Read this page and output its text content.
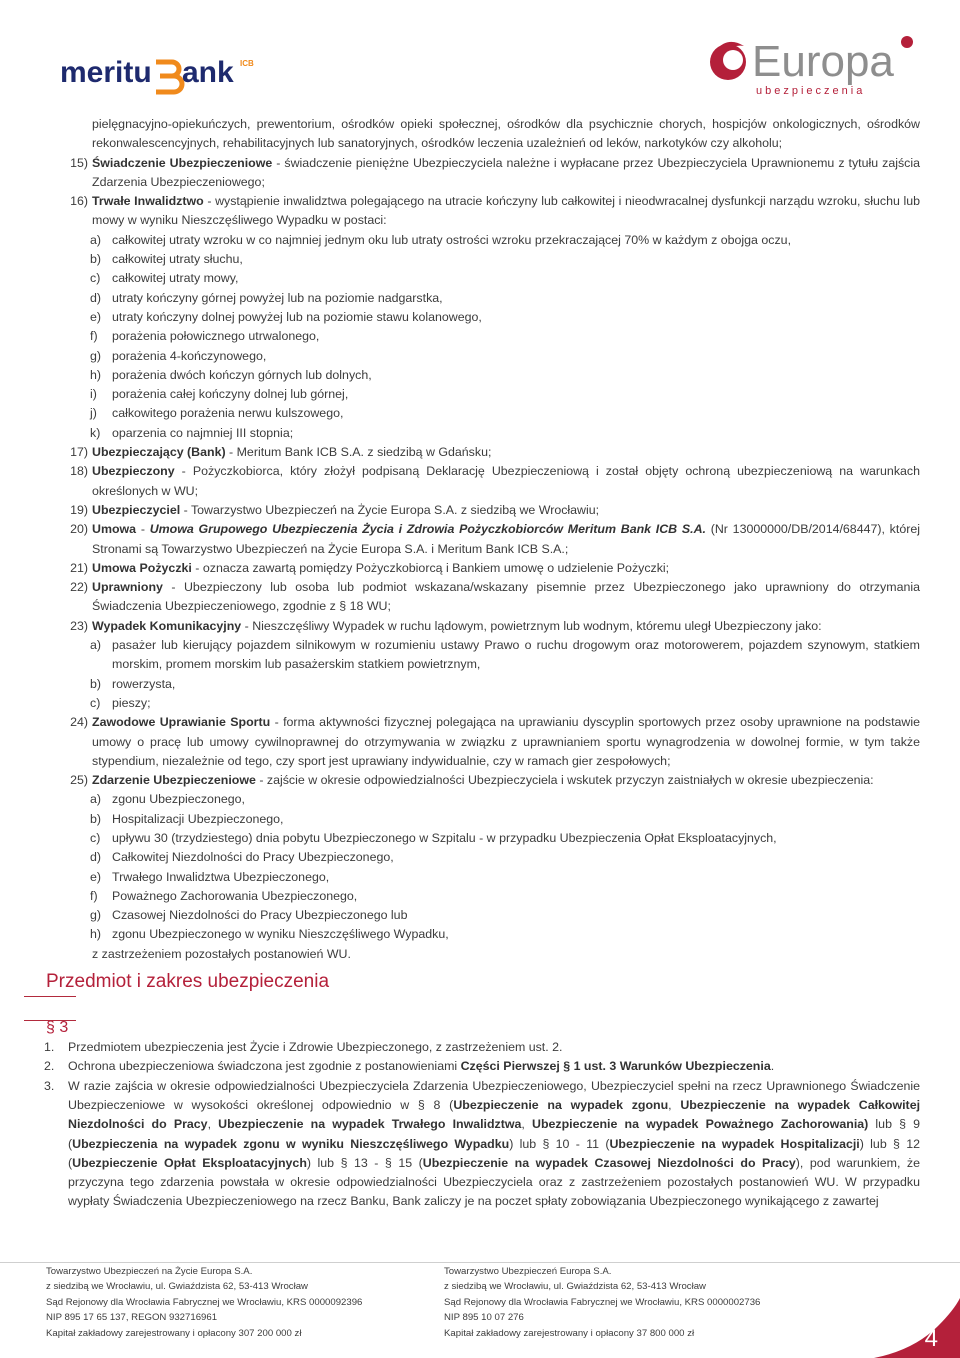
meritu ank ICB	Europa
ubezpieczenia
pielęgnacyjno-opiekuńczych, prewentorium, ośrodków opieki społecznej, ośrodków dla psychicznie chorych, hospicjów onkologicznych, ośrodków rekonwalescencyjnych, rehabilitacyjnych lub sanatoryjnych, ośrodków leczenia uzależnień od leków, narkotyków czy alkoholu;
15) Świadczenie Ubezpieczeniowe - świadczenie pieniężne Ubezpieczyciela należne i wypłacane przez Ubezpieczyciela Uprawnionemu z tytułu zajścia Zdarzenia Ubezpieczeniowego;
16) Trwałe Inwalidztwo - wystąpienie inwalidztwa polegającego na utracie kończyny lub całkowitej i nieodwracalnej dysfunkcji narządu wzroku, słuchu lub mowy w wyniku Nieszczęśliwego Wypadku w postaci:
a) całkowitej utraty wzroku w co najmniej jednym oku lub utraty ostrości wzroku przekraczającej 70% w każdym z obojga oczu,
b) całkowitej utraty słuchu,
c) całkowitej utraty mowy,
d) utraty kończyny górnej powyżej lub na poziomie nadgarstka,
e) utraty kończyny dolnej powyżej lub na poziomie stawu kolanowego,
f) porażenia połowicznego utrwalonego,
g) porażenia 4-kończynowego,
h) porażenia dwóch kończyn górnych lub dolnych,
i) porażenia całej kończyny dolnej lub górnej,
j) całkowitego porażenia nerwu kulszowego,
k) oparzenia co najmniej III stopnia;
17) Ubezpieczający (Bank) - Meritum Bank ICB S.A. z siedzibą w Gdańsku;
18) Ubezpieczony - Pożyczkobiorca, który złożył podpisaną Deklarację Ubezpieczeniową i został objęty ochroną ubezpieczeniową na warunkach określonych w WU;
19) Ubezpieczyciel - Towarzystwo Ubezpieczeń na Życie Europa S.A. z siedzibą we Wrocławiu;
20) Umowa - Umowa Grupowego Ubezpieczenia Życia i Zdrowia Pożyczkobiorców Meritum Bank ICB S.A. (Nr 13000000/DB/2014/68447), której Stronami są Towarzystwo Ubezpieczeń na Życie Europa S.A. i Meritum Bank ICB S.A.;
21) Umowa Pożyczki - oznacza zawartą pomiędzy Pożyczkobiorcą i Bankiem umowę o udzielenie Pożyczki;
22) Uprawniony - Ubezpieczony lub osoba lub podmiot wskazana/wskazany pisemnie przez Ubezpieczonego jako uprawniony do otrzymania Świadczenia Ubezpieczeniowego, zgodnie z § 18 WU;
23) Wypadek Komunikacyjny - Nieszczęśliwy Wypadek w ruchu lądowym, powietrznym lub wodnym, któremu uległ Ubezpieczony jako:
a) pasażer lub kierujący pojazdem silnikowym w rozumieniu ustawy Prawo o ruchu drogowym oraz motorowerem, pojazdem szynowym, statkiem morskim, promem morskim lub pasażerskim statkiem powietrznym,
b) rowerzysta,
c) pieszy;
24) Zawodowe Uprawianie Sportu - forma aktywności fizycznej polegająca na uprawianiu dyscyplin sportowych przez osoby uprawnione na podstawie umowy o pracę lub umowy cywilnoprawnej do otrzymywania w związku z uprawnianiem sportu wynagrodzenia w dowolnej formie, w tym także stypendium, niezależnie od tego, czy sport jest uprawiany indywidualnie, czy w ramach gier zespołowych;
25) Zdarzenie Ubezpieczeniowe - zajście w okresie odpowiedzialności Ubezpieczyciela i wskutek przyczyn zaistniałych w okresie ubezpieczenia:
a) zgonu Ubezpieczonego,
b) Hospitalizacji Ubezpieczonego,
c) upływu 30 (trzydziestego) dnia pobytu Ubezpieczonego w Szpitalu - w przypadku Ubezpieczenia Opłat Eksploatacyjnych,
d) Całkowitej Niezdolności do Pracy Ubezpieczonego,
e) Trwałego Inwalidztwa Ubezpieczonego,
f) Poważnego Zachorowania Ubezpieczonego,
g) Czasowej Niezdolności do Pracy Ubezpieczonego lub
h) zgonu Ubezpieczonego w wyniku Nieszczęśliwego Wypadku,
z zastrzeżeniem pozostałych postanowień WU.
Przedmiot i zakres ubezpieczenia
§ 3
1. Przedmiotem ubezpieczenia jest Życie i Zdrowie Ubezpieczonego, z zastrzeżeniem ust. 2.
2. Ochrona ubezpieczeniowa świadczona jest zgodnie z postanowieniami Części Pierwszej § 1 ust. 3 Warunków Ubezpieczenia.
3. W razie zajścia w okresie odpowiedzialności Ubezpieczyciela Zdarzenia Ubezpieczeniowego, Ubezpieczyciel spełni na rzecz Uprawnionego Świadczenie Ubezpieczeniowe w wysokości określonej odpowiednio w § 8 (Ubezpieczenie na wypadek zgonu, Ubezpieczenie na wypadek Całkowitej Niezdolności do Pracy, Ubezpieczenie na wypadek Trwałego Inwalidztwa, Ubezpieczenie na wypadek Poważnego Zachorowania) lub § 9 (Ubezpieczenia na wypadek zgonu w wyniku Nieszczęśliwego Wypadku) lub § 10 - 11 (Ubezpieczenie na wypadek Hospitalizacji) lub § 12 (Ubezpieczenie Opłat Eksploatacyjnych) lub § 13 - § 15 (Ubezpieczenie na wypadek Czasowej Niezdolności do Pracy), pod warunkiem, że przyczyna tego zdarzenia powstała w okresie odpowiedzialności Ubezpieczyciela oraz z zastrzeżeniem pozostałych postanowień WU. W przypadku wypłaty Świadczenia Ubezpieczeniowego na rzecz Banku, Bank zaliczy je na poczet spłaty zobowiązania Ubezpieczonego wynikającego z zawartej
Towarzystwo Ubezpieczeń na Życie Europa S.A.
z siedzibą we Wrocławiu, ul. Gwiaździsta 62, 53-413 Wrocław
Sąd Rejonowy dla Wrocławia Fabrycznej we Wrocławiu, KRS 0000092396
NIP 895 17 65 137, REGON 932716961
Kapitał zakładowy zarejestrowany i opłacony 307 200 000 zł
Towarzystwo Ubezpieczeń Europa S.A.
z siedzibą we Wrocławiu, ul. Gwiaździsta 62, 53-413 Wrocław
Sąd Rejonowy dla Wrocławia Fabrycznej we Wrocławiu, KRS 0000002736
NIP 895 10 07 276
Kapitał zakładowy zarejestrowany i opłacony 37 800 000 zł	4
